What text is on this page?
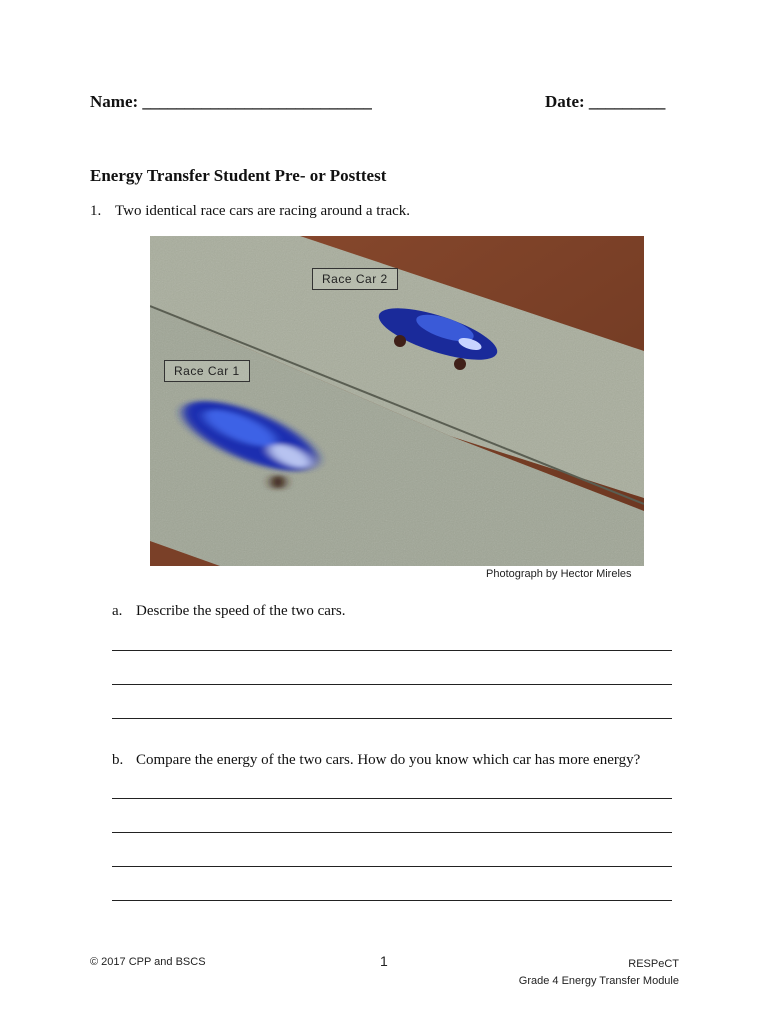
Name: ___________________________	Date: _________
Energy Transfer Student Pre- or Posttest
1. Two identical race cars are racing around a track.
Race Car 2
Race Car 1
Photograph by Hector Mireles
a. Describe the speed of the two cars.
b. Compare the energy of the two cars. How do you know which car has more energy?
© 2017 CPP and BSCS	1	RESPeCT
Grade 4 Energy Transfer Module
